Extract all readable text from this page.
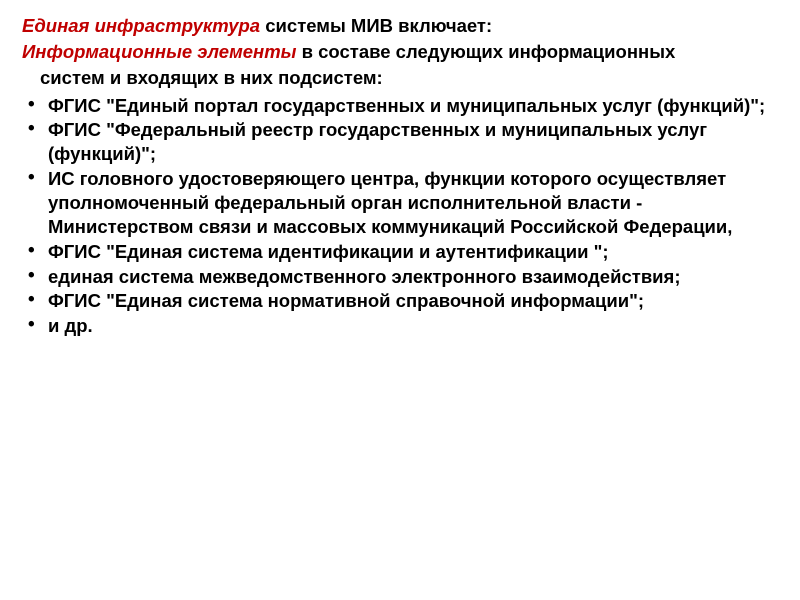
Единая инфраструктура системы МИВ включает:

Информационные элементы в составе следующих информационных

систем и входящих в них подсистем:

• ФГИС "Единый портал государственных и муниципальных услуг (функций)";
• ФГИС "Федеральный реестр государственных и муниципальных услуг (функций)";
• ИС головного удостоверяющего центра, функции которого осуществляет уполномоченный федеральный орган исполнительной власти - Министерством связи и массовых коммуникаций Российской Федерации,
• ФГИС "Единая система идентификации и аутентификации ";
• единая система межведомственного электронного взаимодействия;
• ФГИС "Единая система нормативной справочной информации";
• и др.
